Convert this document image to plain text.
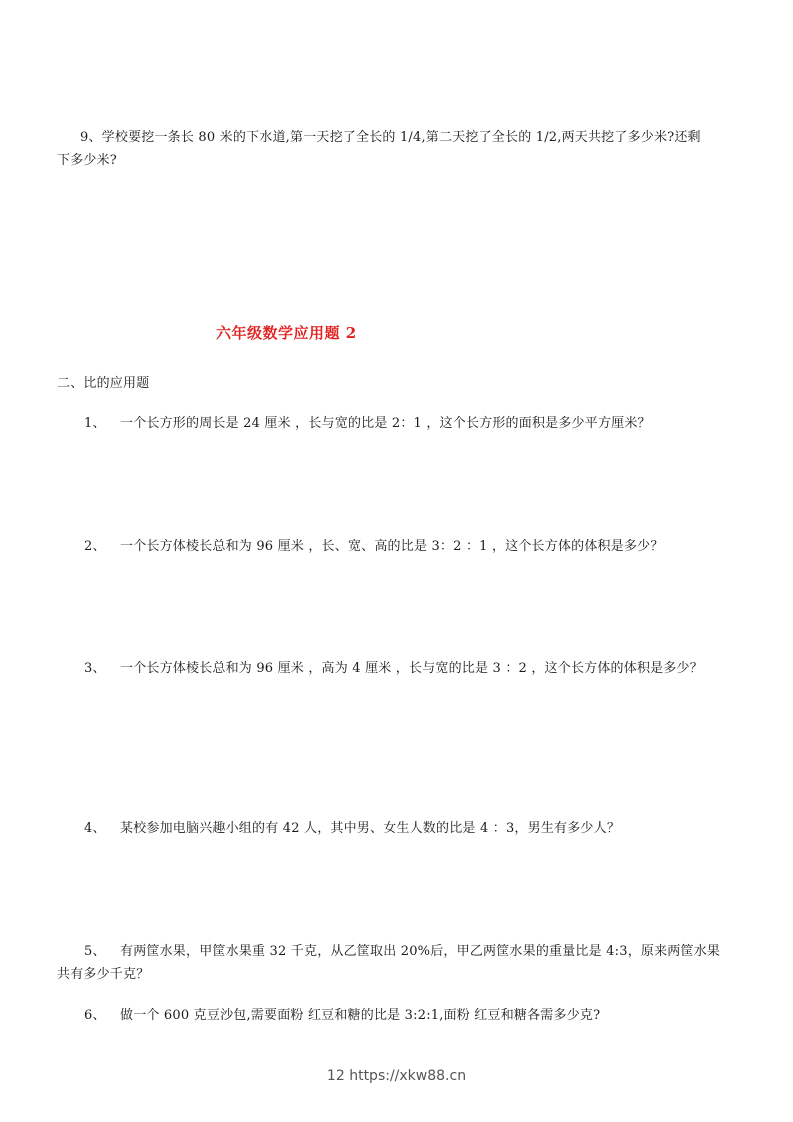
9、学校要挖一条长 80 米的下水道,第一天挖了全长的 1/4,第二天挖了全长的 1/2,两天共挖了多少米?还剩
下多少米?
六年级数学应用题 2
二、比的应用题
1、 一个长方形的周长是 24 厘米 ，长与宽的比是 2：1 ，这个长方形的面积是多少平方厘米？
2、 一个长方体棱长总和为 96 厘米 ，长、宽、高的比是 3：2 ：1 ，这个长方体的体积是多少？
3、 一个长方体棱长总和为 96 厘米 ，高为 4 厘米 ，长与宽的比是 3 ：2 ，这个长方体的体积是多少？
4、 某校参加电脑兴趣小组的有 42 人，其中男、女生人数的比是 4 ：3，男生有多少人？
5、 有两筐水果，甲筐水果重 32 千克，从乙筐取出 20%后，甲乙两筐水果的重量比是 4:3，原来两筐水果
共有多少千克？
6、 做一个 600 克豆沙包,需要面粉 红豆和糖的比是 3:2:1,面粉 红豆和糖各需多少克?
12 https://xkw88.cn
